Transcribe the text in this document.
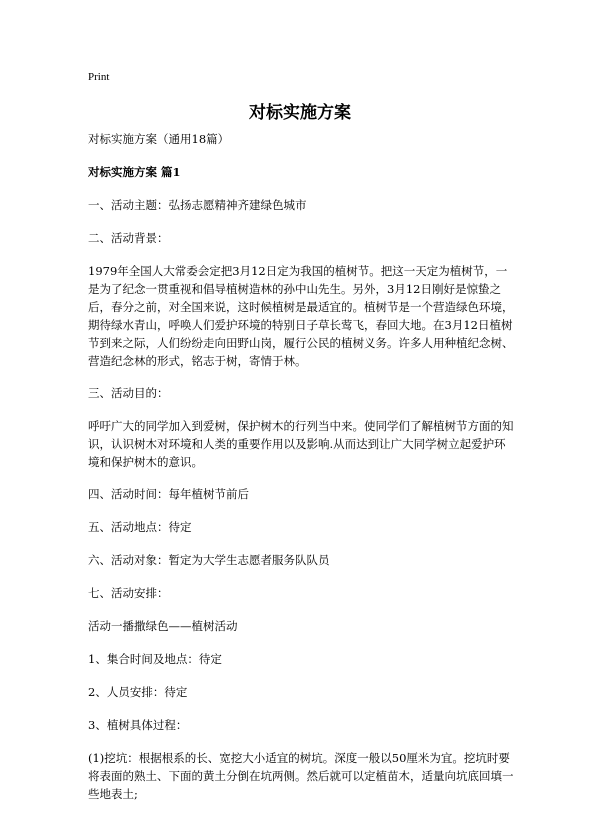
Print
对标实施方案

对标实施方案（通用18篇）

对标实施方案 篇1

一、活动主题：弘扬志愿精神齐建绿色城市

二、活动背景：

1979年全国人大常委会定把3月12日定为我国的植树节。把这一天定为植树节，一是为了纪念一贯重视和倡导植树造林的孙中山先生。另外，3月12日刚好是惊蛰之后，春分之前，对全国来说，这时候植树是最适宜的。植树节是一个营造绿色环境，期待绿水青山，呼唤人们爱护环境的特别日子草长莺飞，春回大地。在3月12日植树节到来之际，人们纷纷走向田野山岗，履行公民的植树义务。许多人用种植纪念树、营造纪念林的形式，铭志于树，寄情于林。

三、活动目的：

呼吁广大的同学加入到爱树，保护树木的行列当中来。使同学们了解植树节方面的知识，认识树木对环境和人类的重要作用以及影响.从而达到让广大同学树立起爱护环境和保护树木的意识。

四、活动时间：每年植树节前后

五、活动地点：待定

六、活动对象：暂定为大学生志愿者服务队队员

七、活动安排：

活动一播撒绿色——植树活动

1、集合时间及地点：待定

2、人员安排：待定

3、植树具体过程：

(1)挖坑：根据根系的长、宽挖大小适宜的树坑。深度一般以50厘米为宜。挖坑时要将表面的熟土、下面的黄土分倒在坑两侧。然后就可以定植苗木，适量向坑底回填一些地表土;
